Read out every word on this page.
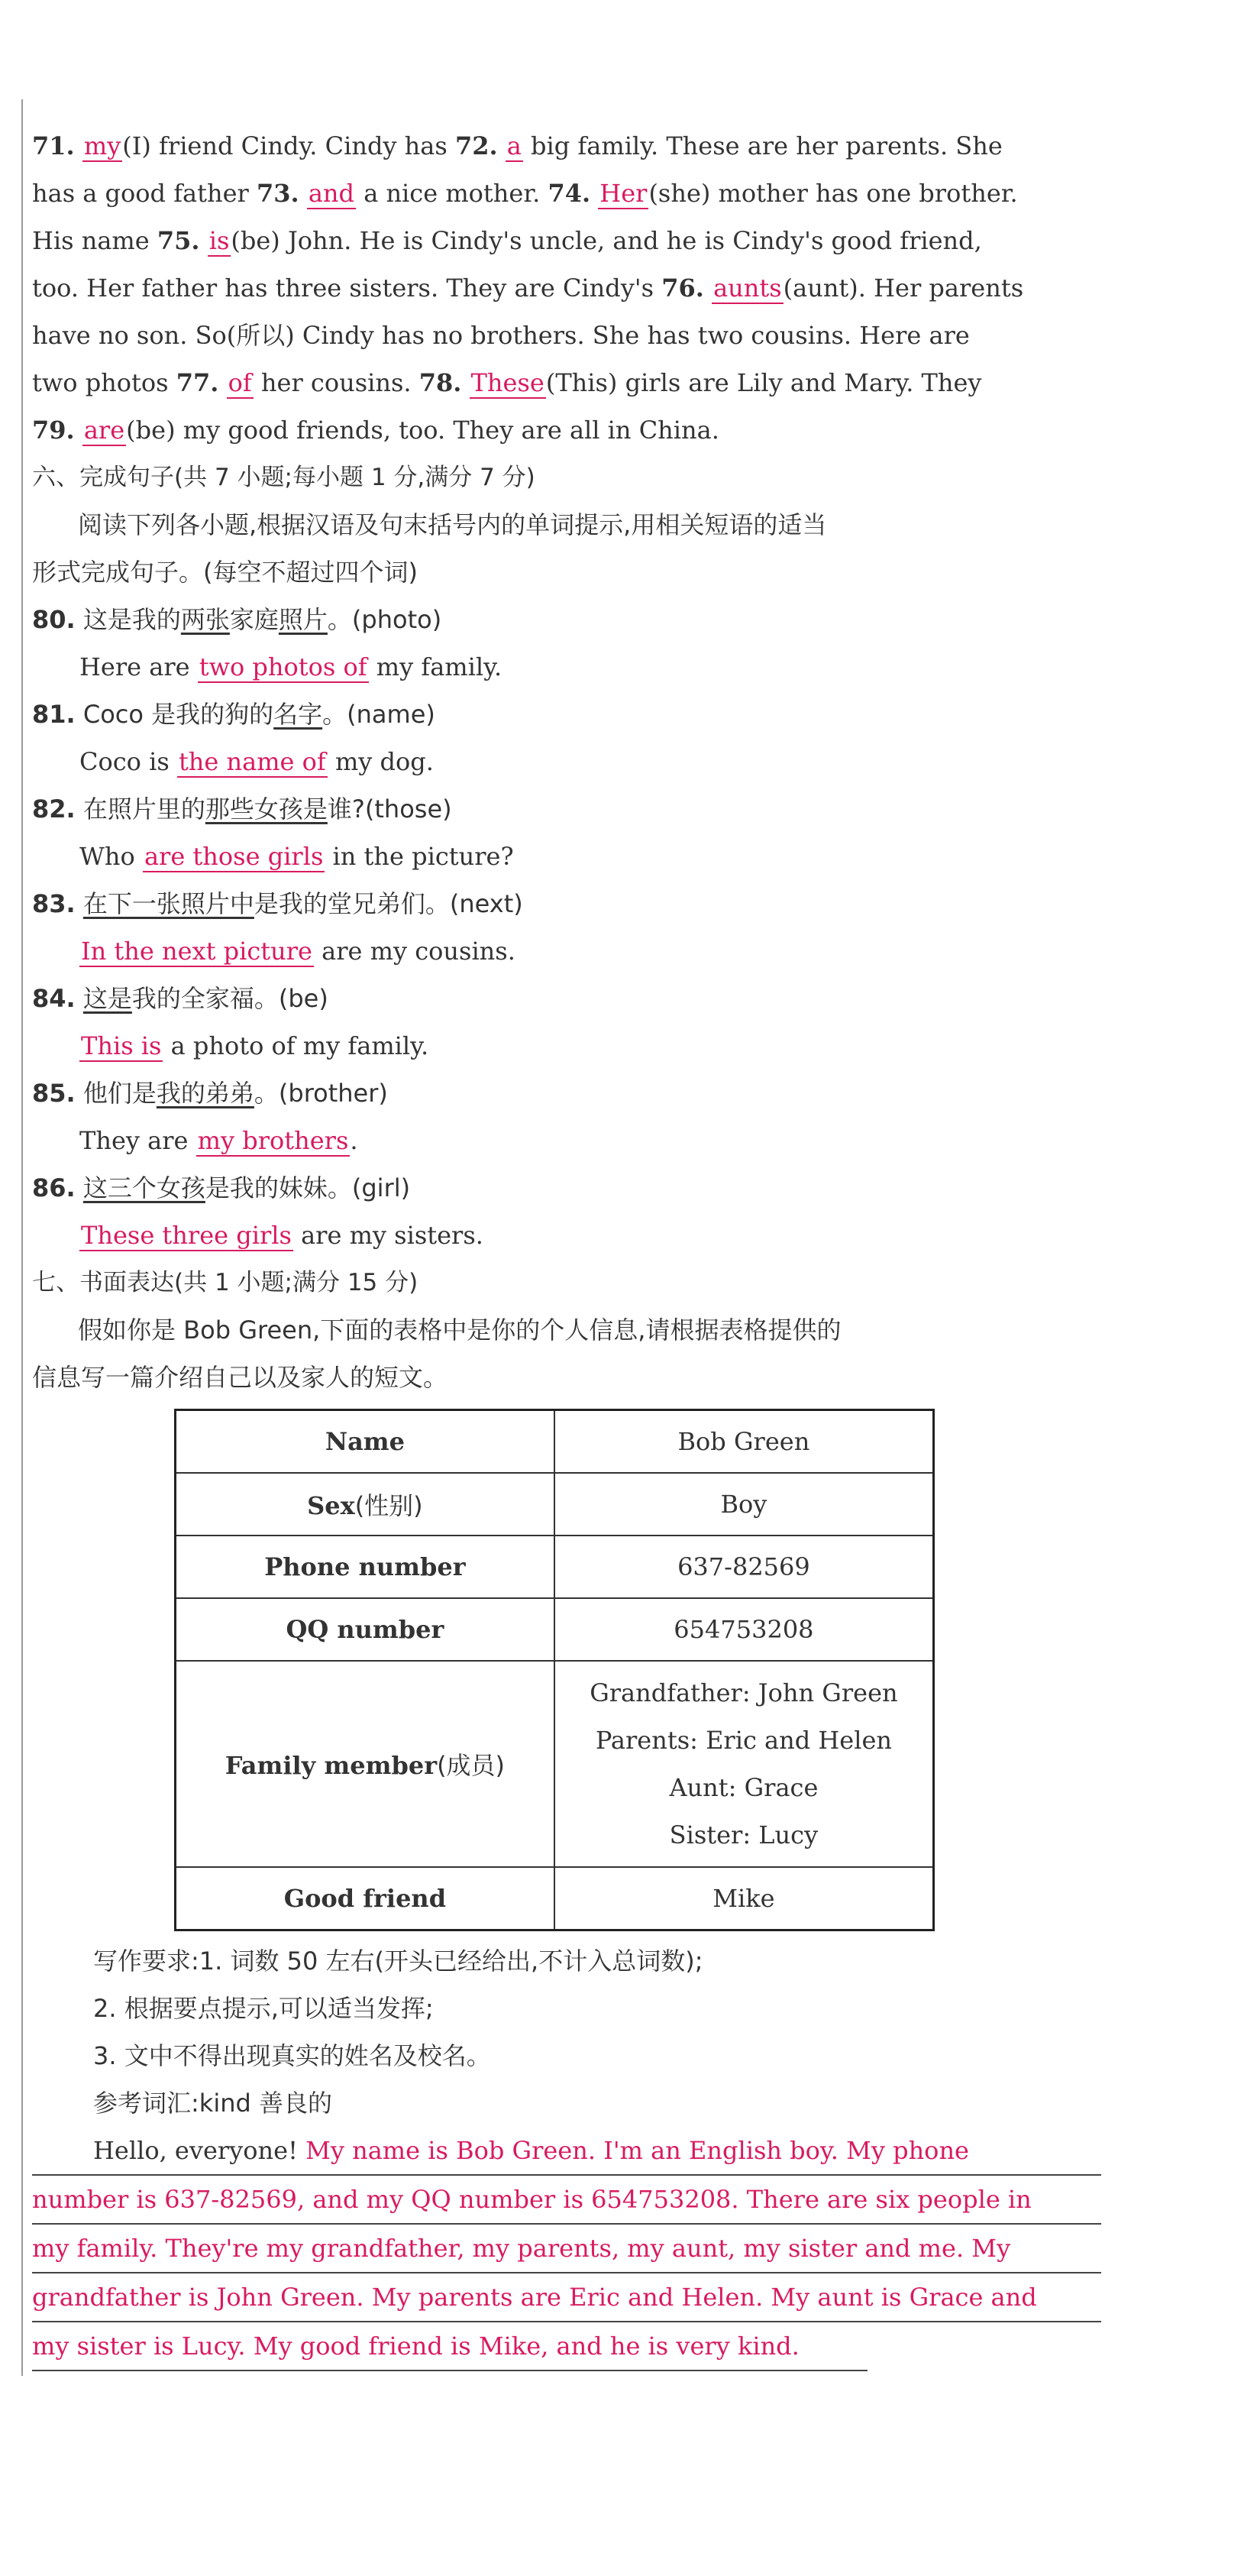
71. my(I) friend Cindy. Cindy has 72. a big family. These are her parents. She
has a good father 73. and a nice mother. 74. Her(she) mother has one brother.
His name 75. is(be) John. He is Cindy's uncle, and he is Cindy's good friend,
too. Her father has three sisters. They are Cindy's 76. aunts(aunt). Her parents
have no son. So(所以) Cindy has no brothers. She has two cousins. Here are
two photos 77. of her cousins. 78. These(This) girls are Lily and Mary. They
79. are(be) my good friends, too. They are all in China.
六、完成句子(共 7 小题;每小题 1 分,满分 7 分)
阅读下列各小题,根据汉语及句末括号内的单词提示,用相关短语的适当
形式完成句子。(每空不超过四个词)
80. 这是我的两张家庭照片。(photo)
Here are two photos of my family.
81. Coco 是我的狗的名字。(name)
Coco is the name of my dog.
82. 在照片里的那些女孩是谁?(those)
Who are those girls in the picture?
83. 在下一张照片中是我的堂兄弟们。(next)
In the next picture are my cousins.
84. 这是我的全家福。(be)
This is a photo of my family.
85. 他们是我的弟弟。(brother)
They are my brothers.
86. 这三个女孩是我的妹妹。(girl)
These three girls are my sisters.
七、书面表达(共 1 小题;满分 15 分)
假如你是 Bob Green,下面的表格中是你的个人信息,请根据表格提供的
信息写一篇介绍自己以及家人的短文。
Name	Bob Green
Sex(性别)	Boy
Phone number	637-82569
QQ number	654753208
Family member(成员)	Grandfather: John Green
Parents: Eric and Helen
Aunt: Grace
Sister: Lucy

Good friend	Mike
写作要求:1. 词数 50 左右(开头已经给出,不计入总词数);
2. 根据要点提示,可以适当发挥;
3. 文中不得出现真实的姓名及校名。
参考词汇:kind 善良的
Hello, everyone! My name is Bob Green. I'm an English boy. My phone
number is 637-82569, and my QQ number is 654753208. There are six people in
my family. They're my grandfather, my parents, my aunt, my sister and me. My
grandfather is John Green. My parents are Eric and Helen. My aunt is Grace and
my sister is Lucy. My good friend is Mike, and he is very kind.
